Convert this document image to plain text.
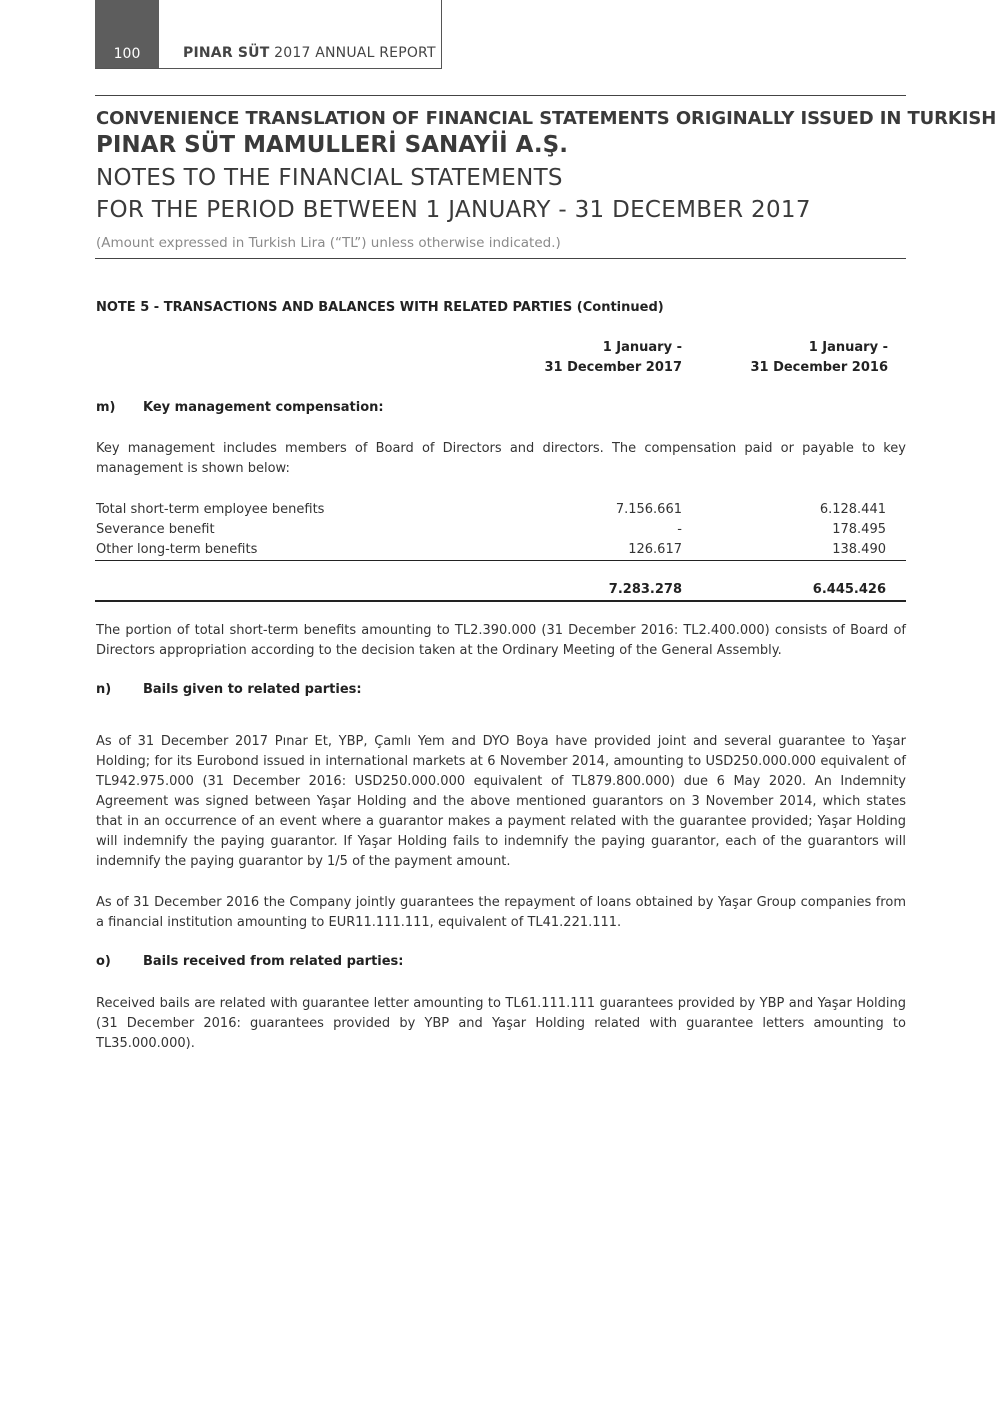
100	PINAR SÜT 2017 ANNUAL REPORT
CONVENIENCE TRANSLATION OF FINANCIAL STATEMENTS ORIGINALLY ISSUED IN TURKISH
PINAR SÜT MAMULLERİ SANAYİİ A.Ş.
NOTES TO THE FINANCIAL STATEMENTS
FOR THE PERIOD BETWEEN 1 JANUARY - 31 DECEMBER 2017
(Amount expressed in Turkish Lira (“TL”) unless otherwise indicated.)
NOTE 5 - TRANSACTIONS AND BALANCES WITH RELATED PARTIES (Continued)
1 January -
31 December 2017
1 January -
31 December 2016
m) Key management compensation:
Key management includes members of Board of Directors and directors. The compensation paid or payable to key management is shown below:
Total short-term employee benefits	7.156.661	6.128.441
Severance benefit	-	178.495
Other long-term benefits	126.617	138.490
7.283.278	6.445.426
The portion of total short-term benefits amounting to TL2.390.000 (31 December 2016: TL2.400.000) consists of Board of Directors appropriation according to the decision taken at the Ordinary Meeting of the General Assembly.
n) Bails given to related parties:
As of 31 December 2017 Pınar Et, YBP, Çamlı Yem and DYO Boya have provided joint and several guarantee to Yaşar Holding; for its Eurobond issued in international markets at 6 November 2014, amounting to USD250.000.000 equivalent of TL942.975.000 (31 December 2016: USD250.000.000 equivalent of TL879.800.000) due 6 May 2020. An Indemnity Agreement was signed between Yaşar Holding and the above mentioned guarantors on 3 November 2014, which states that in an occurrence of an event where a guarantor makes a payment related with the guarantee provided; Yaşar Holding will indemnify the paying guarantor. If Yaşar Holding fails to indemnify the paying guarantor, each of the guarantors will indemnify the paying guarantor by 1/5 of the payment amount.
As of 31 December 2016 the Company jointly guarantees the repayment of loans obtained by Yaşar Group companies from a financial institution amounting to EUR11.111.111, equivalent of TL41.221.111.
o) Bails received from related parties:
Received bails are related with guarantee letter amounting to TL61.111.111 guarantees provided by YBP and Yaşar Holding (31 December 2016: guarantees provided by YBP and Yaşar Holding related with guarantee letters amounting to TL35.000.000).
